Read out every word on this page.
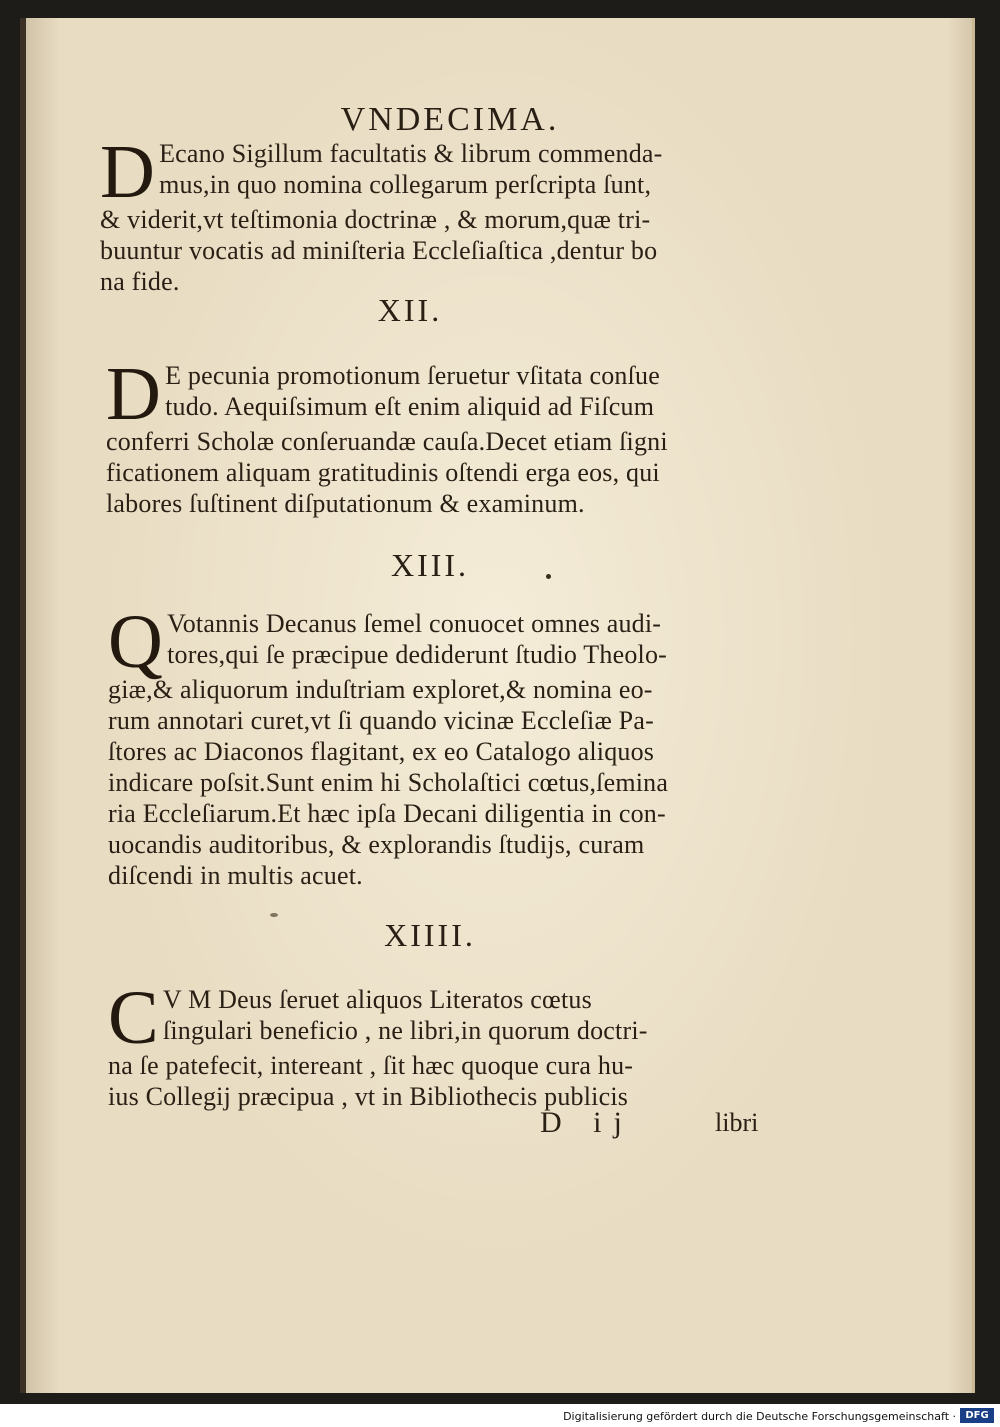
VNDECIMA.
D Ecano Sigillum facultatis & librum commenda-
mus,in quo nomina collegarum perſcripta ſunt,
& viderit,vt teſtimonia doctrinæ , & morum,quæ tri-
buuntur vocatis ad miniſteria Eccleſiaſtica ,dentur bo
na fide.
XII.
D E pecunia promotionum ſeruetur vſitata conſue
tudo. Aequiſsimum eſt enim aliquid ad Fiſcum
conferri Scholæ conſeruandæ cauſa.Decet etiam ſigni
ficationem aliquam gratitudinis oſtendi erga eos, qui
labores ſuſtinent diſputationum & examinum.
XIII.
Q Votannis Decanus ſemel conuocet omnes audi-
tores,qui ſe præcipue dediderunt ſtudio Theolo-
giæ,& aliquorum induſtriam exploret,& nomina eo-
rum annotari curet,vt ſi quando vicinæ Eccleſiæ Pa-
ſtores ac Diaconos flagitant, ex eo Catalogo aliquos
indicare poſsit.Sunt enim hi Scholaſtici cœtus,ſemina
ria Eccleſiarum.Et hæc ipſa Decani diligentia in con-
uocandis auditoribus, & explorandis ſtudijs, curam
diſcendi in multis acuet.
XIIII.
C V M Deus ſeruet aliquos Literatos cœtus
ſingulari beneficio , ne libri,in quorum doctri-
na ſe patefecit, intereant , ſit hæc quoque cura hu-
ius Collegij præcipua , vt in Bibliothecis publicis
D ij	libri
Digitalisierung gefördert durch die Deutsche Forschungsgemeinschaft · DFG
